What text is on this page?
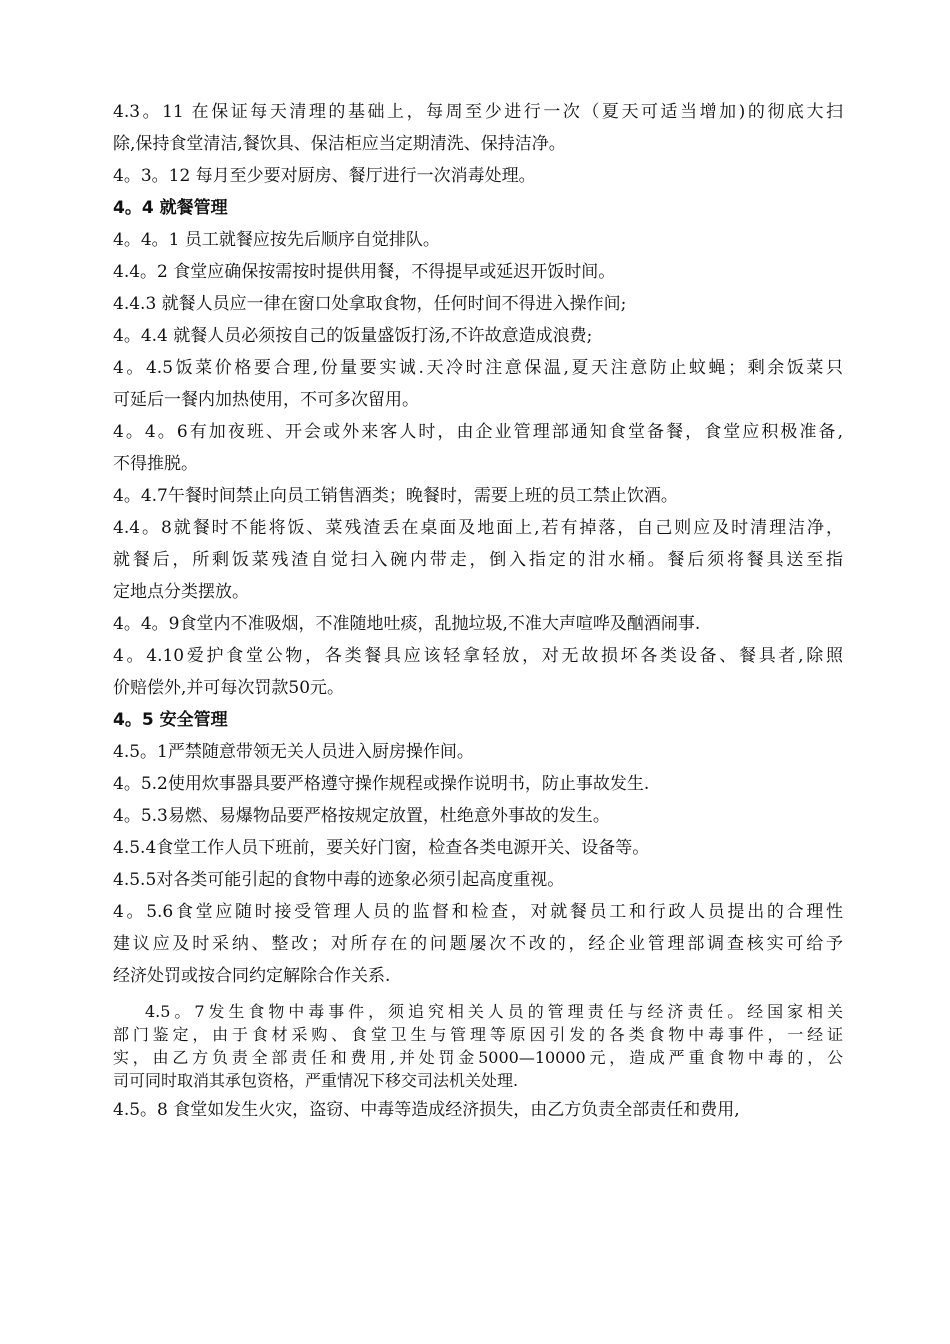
4.3。11 在保证每天清理的基础上，每周至少进行一次（夏天可适当增加)的彻底大扫
除,保持食堂清洁,餐饮具、保洁柜应当定期清洗、保持洁净。
4。3。12 每月至少要对厨房、餐厅进行一次消毒处理。
4。4 就餐管理
4。4。1 员工就餐应按先后顺序自觉排队。
4.4。2 食堂应确保按需按时提供用餐，不得提早或延迟开饭时间。
4.4.3 就餐人员应一律在窗口处拿取食物，任何时间不得进入操作间;
4。4.4 就餐人员必须按自己的饭量盛饭打汤,不许故意造成浪费;
4。4.5饭菜价格要合理,份量要实诚.天冷时注意保温,夏天注意防止蚊蝇；剩余饭菜只
可延后一餐内加热使用，不可多次留用。
4。4。6有加夜班、开会或外来客人时，由企业管理部通知食堂备餐，食堂应积极准备,
不得推脱。
4。4.7午餐时间禁止向员工销售酒类；晚餐时，需要上班的员工禁止饮酒。
4.4。8就餐时不能将饭、菜残渣丢在桌面及地面上,若有掉落，自己则应及时清理洁净，
就餐后，所剩饭菜残渣自觉扫入碗内带走，倒入指定的泔水桶。餐后须将餐具送至指
定地点分类摆放。
4。4。9食堂内不准吸烟，不准随地吐痰，乱抛垃圾,不准大声喧哗及酗酒闹事.
4。4.10爱护食堂公物，各类餐具应该轻拿轻放，对无故损坏各类设备、餐具者,除照
价赔偿外,并可每次罚款50元。
4。5 安全管理
4.5。1严禁随意带领无关人员进入厨房操作间。
4。5.2使用炊事器具要严格遵守操作规程或操作说明书，防止事故发生.
4。5.3易燃、易爆物品要严格按规定放置，杜绝意外事故的发生。
4.5.4食堂工作人员下班前，要关好门窗，检查各类电源开关、设备等。
4.5.5对各类可能引起的食物中毒的迹象必须引起高度重视。
4。5.6食堂应随时接受管理人员的监督和检查，对就餐员工和行政人员提出的合理性
建议应及时采纳、整改；对所存在的问题屡次不改的，经企业管理部调查核实可给予
经济处罚或按合同约定解除合作关系.
4.5。7发生食物中毒事件，须追究相关人员的管理责任与经济责任。经国家相关
部门鉴定，由于食材采购、食堂卫生与管理等原因引发的各类食物中毒事件，一经证
实，由乙方负责全部责任和费用,并处罚金5000—10000元，造成严重食物中毒的，公
司可同时取消其承包资格，严重情况下移交司法机关处理.
4.5。8 食堂如发生火灾，盗窃、中毒等造成经济损失，由乙方负责全部责任和费用,
